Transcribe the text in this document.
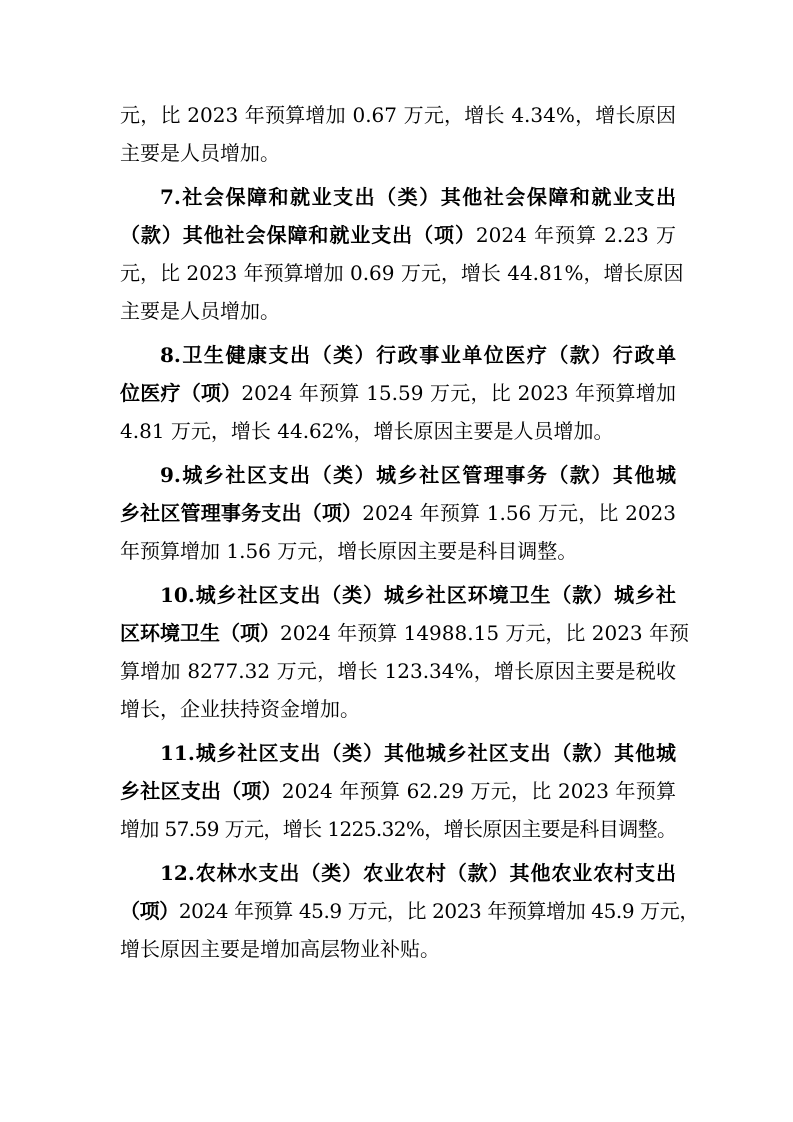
元，比 2023 年预算增加 0.67 万元，增长 4.34%，增长原因
主要是人员增加。
7.社会保障和就业支出（类）其他社会保障和就业支出
（款）其他社会保障和就业支出（项）2024 年预算 2.23 万
元，比 2023 年预算增加 0.69 万元，增长 44.81%，增长原因
主要是人员增加。
8.卫生健康支出（类）行政事业单位医疗（款）行政单
位医疗（项）2024 年预算 15.59 万元，比 2023 年预算增加
4.81 万元，增长 44.62%，增长原因主要是人员增加。
9.城乡社区支出（类）城乡社区管理事务（款）其他城
乡社区管理事务支出（项）2024 年预算 1.56 万元，比 2023
年预算增加 1.56 万元，增长原因主要是科目调整。
10.城乡社区支出（类）城乡社区环境卫生（款）城乡社
区环境卫生（项）2024 年预算 14988.15 万元，比 2023 年预
算增加 8277.32 万元，增长 123.34%，增长原因主要是税收
增长，企业扶持资金增加。
11.城乡社区支出（类）其他城乡社区支出（款）其他城
乡社区支出（项）2024 年预算 62.29 万元，比 2023 年预算
增加 57.59 万元，增长 1225.32%，增长原因主要是科目调整。
12.农林水支出（类）农业农村（款）其他农业农村支出
（项）2024 年预算 45.9 万元，比 2023 年预算增加 45.9 万元，
增长原因主要是增加高层物业补贴。
